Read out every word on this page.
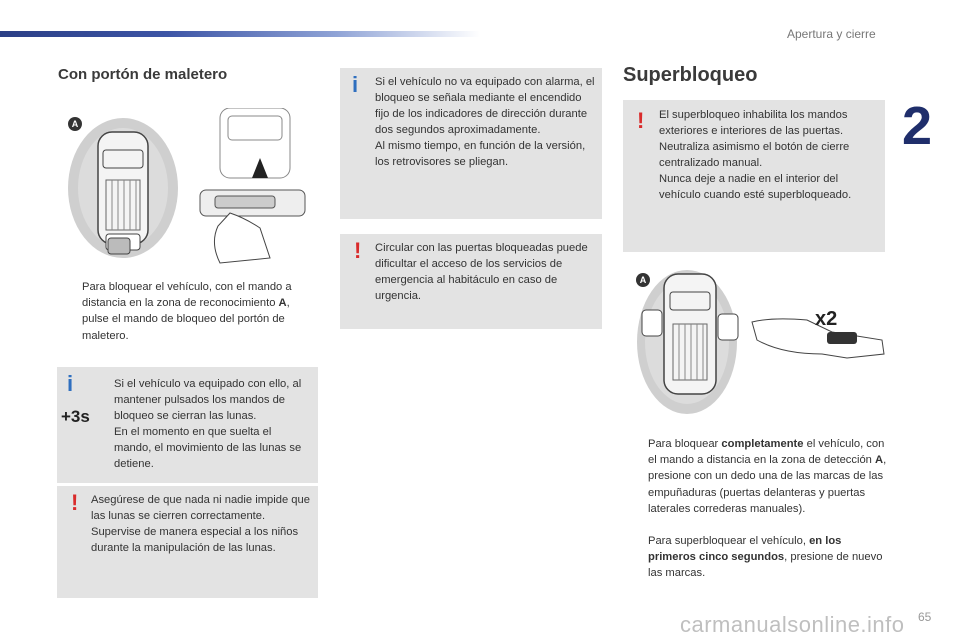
Apertura y cierre
2
Con portón de maletero
A
Para bloquear el vehículo, con el mando a distancia en la zona de reconocimiento A, pulse el mando de bloqueo del portón de maletero.
i
+3s

Si el vehículo va equipado con ello, al mantener pulsados los mandos de bloqueo se cierran las lunas.

En el momento en que suelta el mando, el movimiento de las lunas se detiene.

! Asegúrese de que nada ni nadie impide que las lunas se cierren correctamente.

Supervise de manera especial a los niños durante la manipulación de las lunas.

i Si el vehículo no va equipado con alarma, el bloqueo se señala mediante el encendido fijo de los indicadores de dirección durante dos segundos aproximadamente.

Al mismo tiempo, en función de la versión, los retrovisores se pliegan.

! Circular con las puertas bloqueadas puede dificultar el acceso de los servicios de emergencia al habitáculo en caso de urgencia.

Superbloqueo
! El superbloqueo inhabilita los mandos exteriores e interiores de las puertas.

Neutraliza asimismo el botón de cierre centralizado manual.

Nunca deje a nadie en el interior del vehículo cuando esté superbloqueado.

x2
A
Para bloquear completamente el vehículo, con el mando a distancia en la zona de detección A, presione con un dedo una de las marcas de las empuñaduras (puertas delanteras y puertas laterales correderas manuales).
Para superbloquear el vehículo, en los primeros cinco segundos, presione de nuevo las marcas.
carmanualsonline.info 65
